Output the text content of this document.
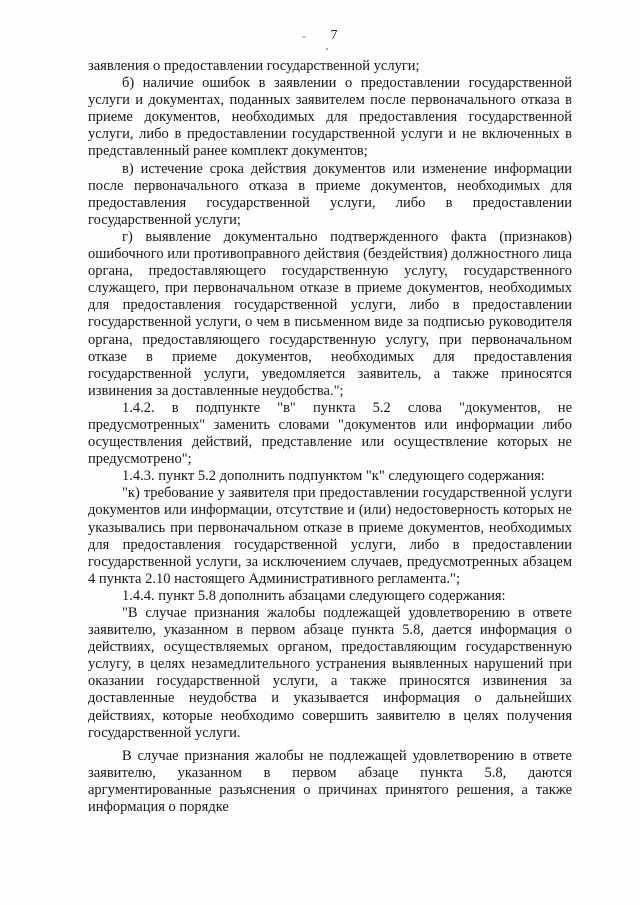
7

заявления о предоставлении государственной услуги;

б) наличие ошибок в заявлении о предоставлении государственной услуги и документах, поданных заявителем после первоначального отказа в приеме документов, необходимых для предоставления государственной услуги, либо в предоставлении государственной услуги и не включенных в представленный ранее комплект документов;

в) истечение срока действия документов или изменение информации после первоначального отказа в приеме документов, необходимых для предоставления государственной услуги, либо в предоставлении государственной услуги;

г) выявление документально подтвержденного факта (признаков) ошибочного или противоправного действия (бездействия) должностного лица органа, предоставляющего государственную услугу, государственного служащего, при первоначальном отказе в приеме документов, необходимых для предоставления государственной услуги, либо в предоставлении государственной услуги, о чем в письменном виде за подписью руководителя органа, предоставляющего государственную услугу, при первоначальном отказе в приеме документов, необходимых для предоставления государственной услуги, уведомляется заявитель, а также приносятся извинения за доставленные неудобства.";

1.4.2. в подпункте "в" пункта 5.2 слова "документов, не предусмотренных" заменить словами "документов или информации либо осуществления действий, представление или осуществление которых не предусмотрено";

1.4.3. пункт 5.2 дополнить подпунктом "к" следующего содержания:

"к) требование у заявителя при предоставлении государственной услуги документов или информации, отсутствие и (или) недостоверность которых не указывались при первоначальном отказе в приеме документов, необходимых для предоставления государственной услуги, либо в предоставлении государственной услуги, за исключением случаев, предусмотренных абзацем 4 пункта 2.10 настоящего Административного регламента.";

1.4.4. пункт 5.8 дополнить абзацами следующего содержания:

"В случае признания жалобы подлежащей удовлетворению в ответе заявителю, указанном в первом абзаце пункта 5.8, дается информация о действиях, осуществляемых органом, предоставляющим государственную услугу, в целях незамедлительного устранения выявленных нарушений при оказании государственной услуги, а также приносятся извинения за доставленные неудобства и указывается информация о дальнейших действиях, которые необходимо совершить заявителю в целях получения государственной услуги.

В случае признания жалобы не подлежащей удовлетворению в ответе заявителю, указанном в первом абзаце пункта 5.8, даются аргументированные разъяснения о причинах принятого решения, а также информация о порядке
